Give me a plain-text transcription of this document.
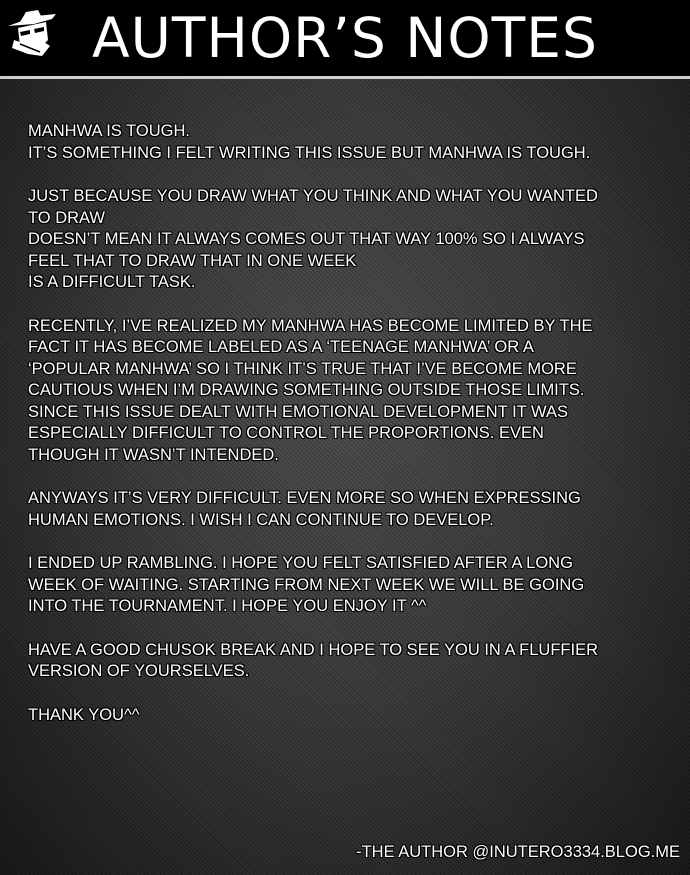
AUTHOR’S NOTES
MANHWA IS TOUGH.
IT’S SOMETHING I FELT WRITING THIS ISSUE BUT MANHWA IS TOUGH.
JUST BECAUSE YOU DRAW WHAT YOU THINK AND WHAT YOU WANTED
TO DRAW
DOESN’T MEAN IT ALWAYS COMES OUT THAT WAY 100% SO I ALWAYS
FEEL THAT TO DRAW THAT IN ONE WEEK
IS A DIFFICULT TASK.
RECENTLY, I’VE REALIZED MY MANHWA HAS BECOME LIMITED BY THE
FACT IT HAS BECOME LABELED AS A ‘TEENAGE MANHWA’ OR A
‘POPULAR MANHWA’ SO I THINK IT’S TRUE THAT I’VE BECOME MORE
CAUTIOUS WHEN I’M DRAWING SOMETHING OUTSIDE THOSE LIMITS.
SINCE THIS ISSUE DEALT WITH EMOTIONAL DEVELOPMENT IT WAS
ESPECIALLY DIFFICULT TO CONTROL THE PROPORTIONS. EVEN
THOUGH IT WASN’T INTENDED.
ANYWAYS IT’S VERY DIFFICULT. EVEN MORE SO WHEN EXPRESSING
HUMAN EMOTIONS. I WISH I CAN CONTINUE TO DEVELOP.
I ENDED UP RAMBLING. I HOPE YOU FELT SATISFIED AFTER A LONG
WEEK OF WAITING. STARTING FROM NEXT WEEK WE WILL BE GOING
INTO THE TOURNAMENT. I HOPE YOU ENJOY IT ^^
HAVE A GOOD CHUSOK BREAK AND I HOPE TO SEE YOU IN A FLUFFIER
VERSION OF YOURSELVES.
THANK YOU^^
-THE AUTHOR @INUTERO3334.BLOG.ME
